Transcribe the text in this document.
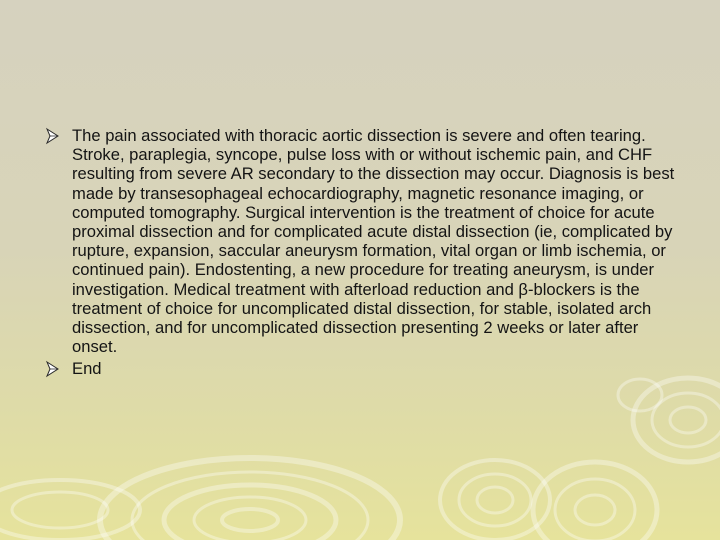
The pain associated with thoracic aortic dissection is severe and often tearing. Stroke, paraplegia, syncope, pulse loss with or without ischemic pain, and CHF resulting from severe AR secondary to the dissection may occur. Diagnosis is best made by transesophageal echocardiography, magnetic resonance imaging, or computed tomography. Surgical intervention is the treatment of choice for acute proximal dissection and for complicated acute distal dissection (ie, complicated by rupture, expansion, saccular aneurysm formation, vital organ or limb ischemia, or continued pain). Endostenting, a new procedure for treating aneurysm, is under investigation. Medical treatment with afterload reduction and β-blockers is the treatment of choice for uncomplicated distal dissection, for stable, isolated arch dissection, and for uncomplicated dissection presenting 2 weeks or later after onset.
End
